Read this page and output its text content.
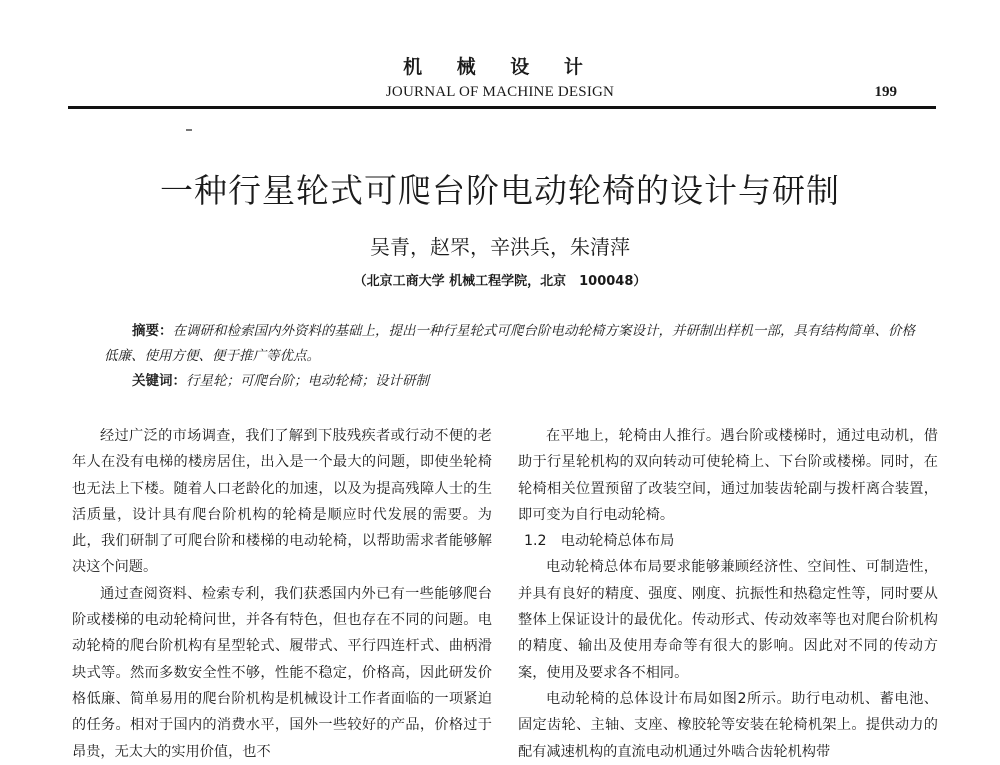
机 械 设 计
JOURNAL OF MACHINE DESIGN	199
一种行星轮式可爬台阶电动轮椅的设计与研制
吴青，赵罘，辛洪兵，朱清萍
（北京工商大学 机械工程学院，北京　100048）

摘要：在调研和检索国内外资料的基础上，提出一种行星轮式可爬台阶电动轮椅方案设计，并研制出样机一部，具有结构简单、价格低廉、使用方便、便于推广等优点。

关键词：行星轮；可爬台阶；电动轮椅；设计研制

经过广泛的市场调查，我们了解到下肢残疾者或行动不便的老年人在没有电梯的楼房居住，出入是一个最大的问题，即使坐轮椅也无法上下楼。随着人口老龄化的加速，以及为提高残障人士的生活质量，设计具有爬台阶机构的轮椅是顺应时代发展的需要。为此，我们研制了可爬台阶和楼梯的电动轮椅，以帮助需求者能够解决这个问题。

通过查阅资料、检索专利，我们获悉国内外已有一些能够爬台阶或楼梯的电动轮椅问世，并各有特色，但也存在不同的问题。电动轮椅的爬台阶机构有星型轮式、履带式、平行四连杆式、曲柄滑块式等。然而多数安全性不够，性能不稳定，价格高，因此研发价格低廉、简单易用的爬台阶机构是机械设计工作者面临的一项紧迫的任务。相对于国内的消费水平，国外一些较好的产品，价格过于昂贵，无太大的实用价值，也不

在平地上，轮椅由人推行。遇台阶或楼梯时，通过电动机，借助于行星轮机构的双向转动可使轮椅上、下台阶或楼梯。同时，在轮椅相关位置预留了改装空间，通过加装齿轮副与拨杆离合装置，即可变为自行电动轮椅。

1.2　电动轮椅总体布局

电动轮椅总体布局要求能够兼顾经济性、空间性、可制造性，并具有良好的精度、强度、刚度、抗振性和热稳定性等，同时要从整体上保证设计的最优化。传动形式、传动效率等也对爬台阶机构的精度、输出及使用寿命等有很大的影响。因此对不同的传动方案，使用及要求各不相同。

电动轮椅的总体设计布局如图2所示。助行电动机、蓄电池、固定齿轮、主轴、支座、橡胶轮等安装在轮椅机架上。提供动力的配有减速机构的直流电动机通过外啮合齿轮机构带
